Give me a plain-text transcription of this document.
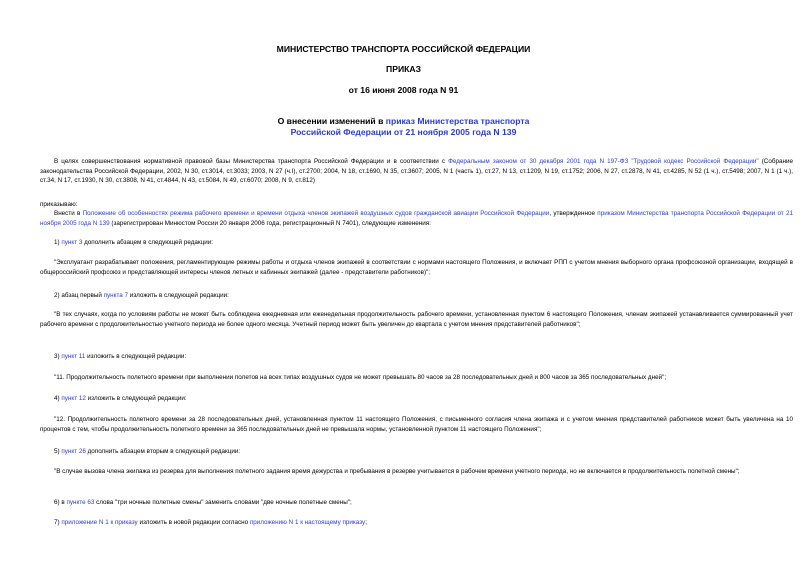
МИНИСТЕРСТВО ТРАНСПОРТА РОССИЙСКОЙ ФЕДЕРАЦИИ
ПРИКАЗ
от 16 июня 2008 года N 91
О внесении изменений в приказ Министерства транспорта
Российской Федерации от 21 ноября 2005 года N 139
В целях совершенствования нормативной правовой базы Министерства транспорта Российской Федерации и в соответствии с Федеральным законом от 30 декабря 2001 года N 197-ФЗ "Трудовой кодекс Российской Федерации" (Собрание законодательства Российской Федерации, 2002, N 30, ст.3014, ст.3033; 2003, N 27 (ч.I), ст.2700; 2004, N 18, ст.1690, N 35, ст.3607; 2005, N 1 (часть 1), ст.27, N 13, ст.1209, N 19, ст.1752; 2006, N 27, ст.2878, N 41, ст.4285, N 52 (1 ч.), ст.5498; 2007, N 1 (1 ч.), ст.34, N 17, ст.1930, N 30, ст.3808, N 41, ст.4844, N 43, ст.5084, N 49, ст.6070; 2008, N 9, ст.812)
приказываю:
Внести в Положение об особенностях режима рабочего времени и времени отдыха членов экипажей воздушных судов гражданской авиации Российской Федерации, утвержденное приказом Министерства транспорта Российской Федерации от 21 ноября 2005 года N 139 (зарегистрирован Минюстом России 20 января 2006 года, регистрационный N 7401), следующие изменения:
1) пункт 3 дополнить абзацем в следующей редакции:
"Эксплуатант разрабатывает положения, регламентирующие режимы работы и отдыха членов экипажей в соответствии с нормами настоящего Положения, и включает РПП с учетом мнения выборного органа профсоюзной организации, входящей в общероссийский профсоюз и представляющей интересы членов летных и кабинных экипажей (далее - представители работников)";
2) абзац первый пункта 7 изложить в следующей редакции:
"В тех случаях, когда по условиям работы не может быть соблюдена ежедневная или еженедельная продолжительность рабочего времени, установленная пунктом 6 настоящего Положения, членам экипажей устанавливается суммированный учет рабочего времени с продолжительностью учетного периода не более одного месяца. Учетный период может быть увеличен до квартала с учетом мнения представителей работников";
3) пункт 11 изложить в следующей редакции:
"11. Продолжительность полетного времени при выполнении полетов на всех типах воздушных судов не может превышать 80 часов за 28 последовательных дней и 800 часов за 365 последовательных дней";
4) пункт 12 изложить в следующей редакции:
"12. Продолжительность полетного времени за 28 последовательных дней, установленная пунктом 11 настоящего Положения, с письменного согласия члена экипажа и с учетом мнения представителей работников может быть увеличена на 10 процентов с тем, чтобы продолжительность полетного времени за 365 последовательных дней не превышала нормы, установленной пунктом 11 настоящего Положения";
5) пункт 26 дополнить абзацем вторым в следующей редакции:
"В случае вызова члена экипажа из резерва для выполнения полетного задания время дежурства и пребывания в резерве учитывается в рабочем времени учетного периода, но не включается в продолжительность полетной смены";
6) в пункте 63 слова "три ночные полетные смены" заменить словами "две ночные полетные смены";
7) приложение N 1 к приказу изложить в новой редакции согласно приложению N 1 к настоящему приказу;
